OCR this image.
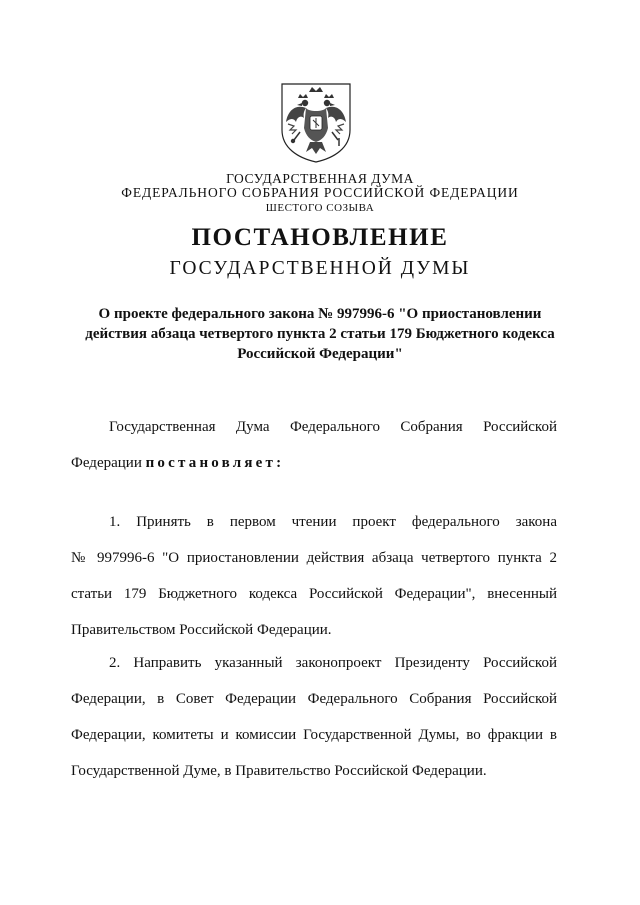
ГОСУДАРСТВЕННАЯ ДУМА
ФЕДЕРАЛЬНОГО СОБРАНИЯ РОССИЙСКОЙ ФЕДЕРАЦИИ
ШЕСТОГО СОЗЫВА
ПОСТАНОВЛЕНИЕ
ГОСУДАРСТВЕННОЙ ДУМЫ
О проекте федерального закона № 997996-6 "О приостановлении
действия абзаца четвертого пункта 2 статьи 179 Бюджетного кодекса
Российской Федерации"
Государственная Дума Федерального Собрания Российской
Федерации постановляет:
1. Принять в первом чтении проект федерального закона
№ 997996-6 "О приостановлении действия абзаца четвертого пункта 2
статьи 179 Бюджетного кодекса Российской Федерации", внесенный
Правительством Российской Федерации.
2. Направить указанный законопроект Президенту Российской
Федерации, в Совет Федерации Федерального Собрания Российской
Федерации, комитеты и комиссии Государственной Думы, во фракции в
Государственной Думе, в Правительство Российской Федерации.
